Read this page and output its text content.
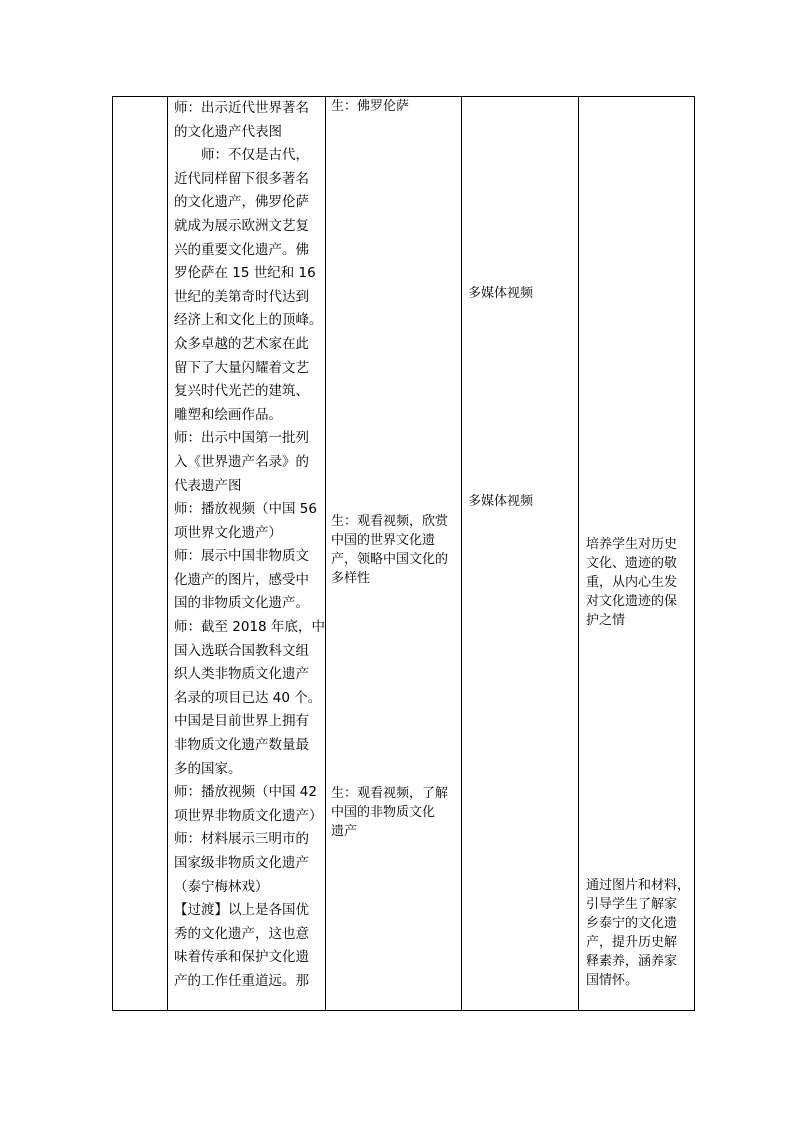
师：出示近代世界著名

的文化遗产代表图

　　师：不仅是古代，

近代同样留下很多著名

的文化遗产，佛罗伦萨

就成为展示欧洲文艺复

兴的重要文化遗产。佛

罗伦萨在 15 世纪和 16

世纪的美第奇时代达到

经济上和文化上的顶峰。

众多卓越的艺术家在此

留下了大量闪耀着文艺

复兴时代光芒的建筑、

雕塑和绘画作品。

师：出示中国第一批列

入《世界遗产名录》的

代表遗产图

师：播放视频（中国 56

项世界文化遗产）

师：展示中国非物质文

化遗产的图片，感受中

国的非物质文化遗产。

师：截至 2018 年底，中

国入选联合国教科文组

织人类非物质文化遗产

名录的项目已达 40 个。

中国是目前世界上拥有

非物质文化遗产数量最

多的国家。

师：播放视频（中国 42

项世界非物质文化遗产）

师：材料展示三明市的

国家级非物质文化遗产

（泰宁梅林戏）

【过渡】以上是各国优

秀的文化遗产，这也意

味着传承和保护文化遗

产的工作任重道远。那

生：佛罗伦萨

生：观看视频，欣赏

中国的世界文化遗

产，领略中国文化的

多样性

生：观看视频，了解

中国的非物质文化

遗产

多媒体视频

多媒体视频

培养学生对历史

文化、遗迹的敬

重，从内心生发

对文化遗迹的保

护之情

通过图片和材料，

引导学生了解家

乡泰宁的文化遗

产，提升历史解

释素养，涵养家

国情怀。
